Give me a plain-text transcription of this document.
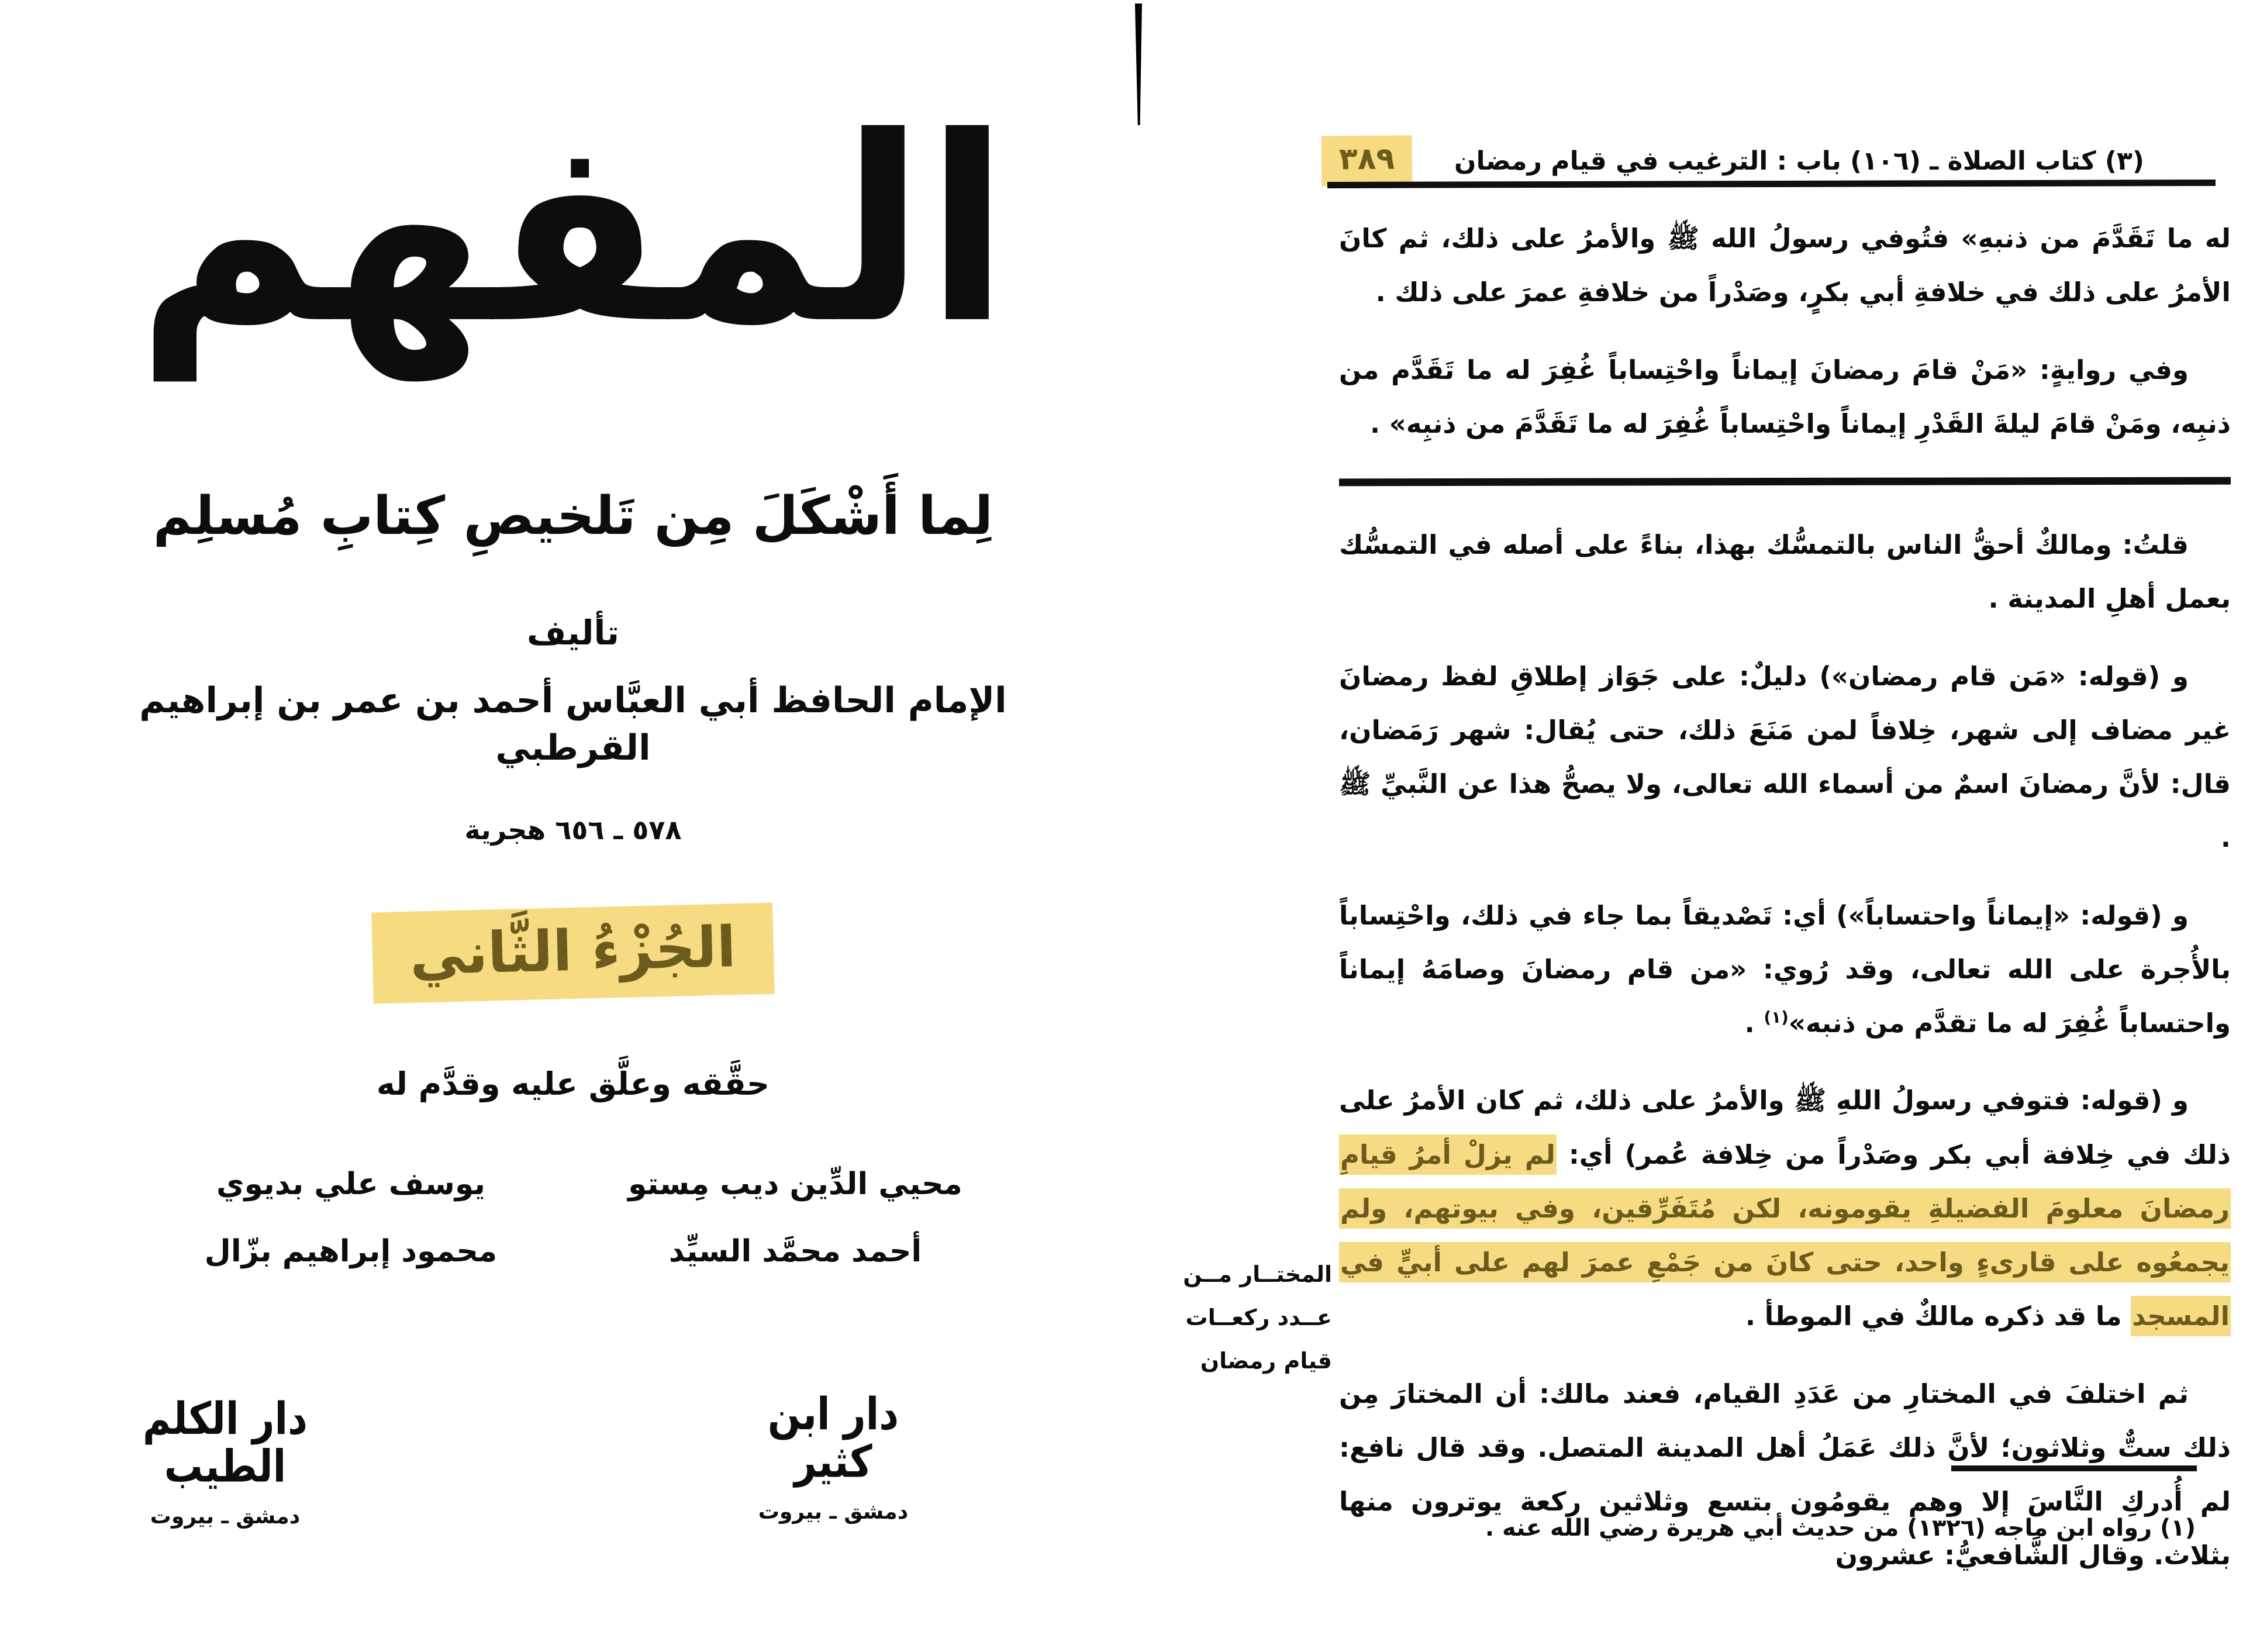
المفهم
لِما أَشْكَلَ مِن تَلخيصِ كِتابِ مُسلِم
تأليف
الإمام الحافظ أبي العبَّاس أحمد بن عمر بن إبراهيم القرطبي
٥٧٨ ـ ٦٥٦ هجرية
الجُزْءُ الثَّاني
حقَّقه وعلَّق عليه وقدَّم له
محيي الدِّين ديب مِستو
يوسف علي بديوي
أحمد محمَّد السيِّد
محمود إبراهيم بزّال
دار ابن كثير
دمشق ـ بيروت
دار الكلم الطيب
دمشق ـ بيروت
(٣) كتاب الصلاة ـ (١٠٦) باب : الترغيب في قيام رمضان
٣٨٩
له ما تَقَدَّمَ من ذنبهِ» فتُوفي رسولُ الله ﷺ والأمرُ على ذلك، ثم كانَ الأمرُ على ذلك في خلافةِ أبي بكرٍ، وصَدْراً من خلافةِ عمرَ على ذلك .
وفي روايةٍ: «مَنْ قامَ رمضانَ إيماناً واحْتِساباً غُفِرَ له ما تَقَدَّم من ذنبِه، ومَنْ قامَ ليلةَ القَدْرِ إيماناً واحْتِساباً غُفِرَ له ما تَقَدَّمَ من ذنبِه» .
قلتُ: ومالكٌ أحقُّ الناس بالتمسُّك بهذا، بناءً على أصله في التمسُّك بعمل أهلِ المدينة .
و (قوله: «مَن قام رمضان») دليلٌ: على جَوَاز إطلاقِ لفظ رمضانَ غير مضاف إلى شهر، خِلافاً لمن مَنَعَ ذلك، حتى يُقال: شهر رَمَضان، قال: لأنَّ رمضانَ اسمٌ من أسماء الله تعالى، ولا يصحُّ هذا عن النَّبيِّ ﷺ .
و (قوله: «إيماناً واحتساباً») أي: تَصْديقاً بما جاء في ذلك، واحْتِساباً بالأُجرة على الله تعالى، وقد رُوي: «من قام رمضانَ وصامَهُ إيماناً واحتساباً غُفِرَ له ما تقدَّم من ذنبه»$^{(١)}$ .
و (قوله: فتوفي رسولُ اللهِ ﷺ والأمرُ على ذلك، ثم كان الأمرُ على ذلك في خِلافة أبي بكر وصَدْراً من خِلافة عُمر) أي: لم يزلْ أمرُ قيامِ رمضانَ معلومَ الفضيلةِ يقومونه، لكن مُتَفَرِّقين، وفي بيوتهم، ولم يجمعُوه على قارىءٍ واحد، حتى كانَ من جَمْعِ عمرَ لهم على أبيٍّ في المسجد ما قد ذكره مالكٌ في الموطأ .
ثم اختلفَ في المختارِ من عَدَدِ القيام، فعند مالك: أن المختارَ مِن ذلك ستٌّ وثلاثون؛ لأنَّ ذلك عَمَلُ أهل المدينة المتصل. وقد قال نافع: لم أُدركِ النَّاسَ إلا وهم يقومُون بتسع وثلاثين ركعة يوترون منها بثلاث. وقال الشَّافعيُّ: عشرون
المختــار مــن
عــدد ركعــات
قيام رمضان
(١) رواه ابن ماجه (١٣٢٦) من حديث أبي هريرة رضي الله عنه .
